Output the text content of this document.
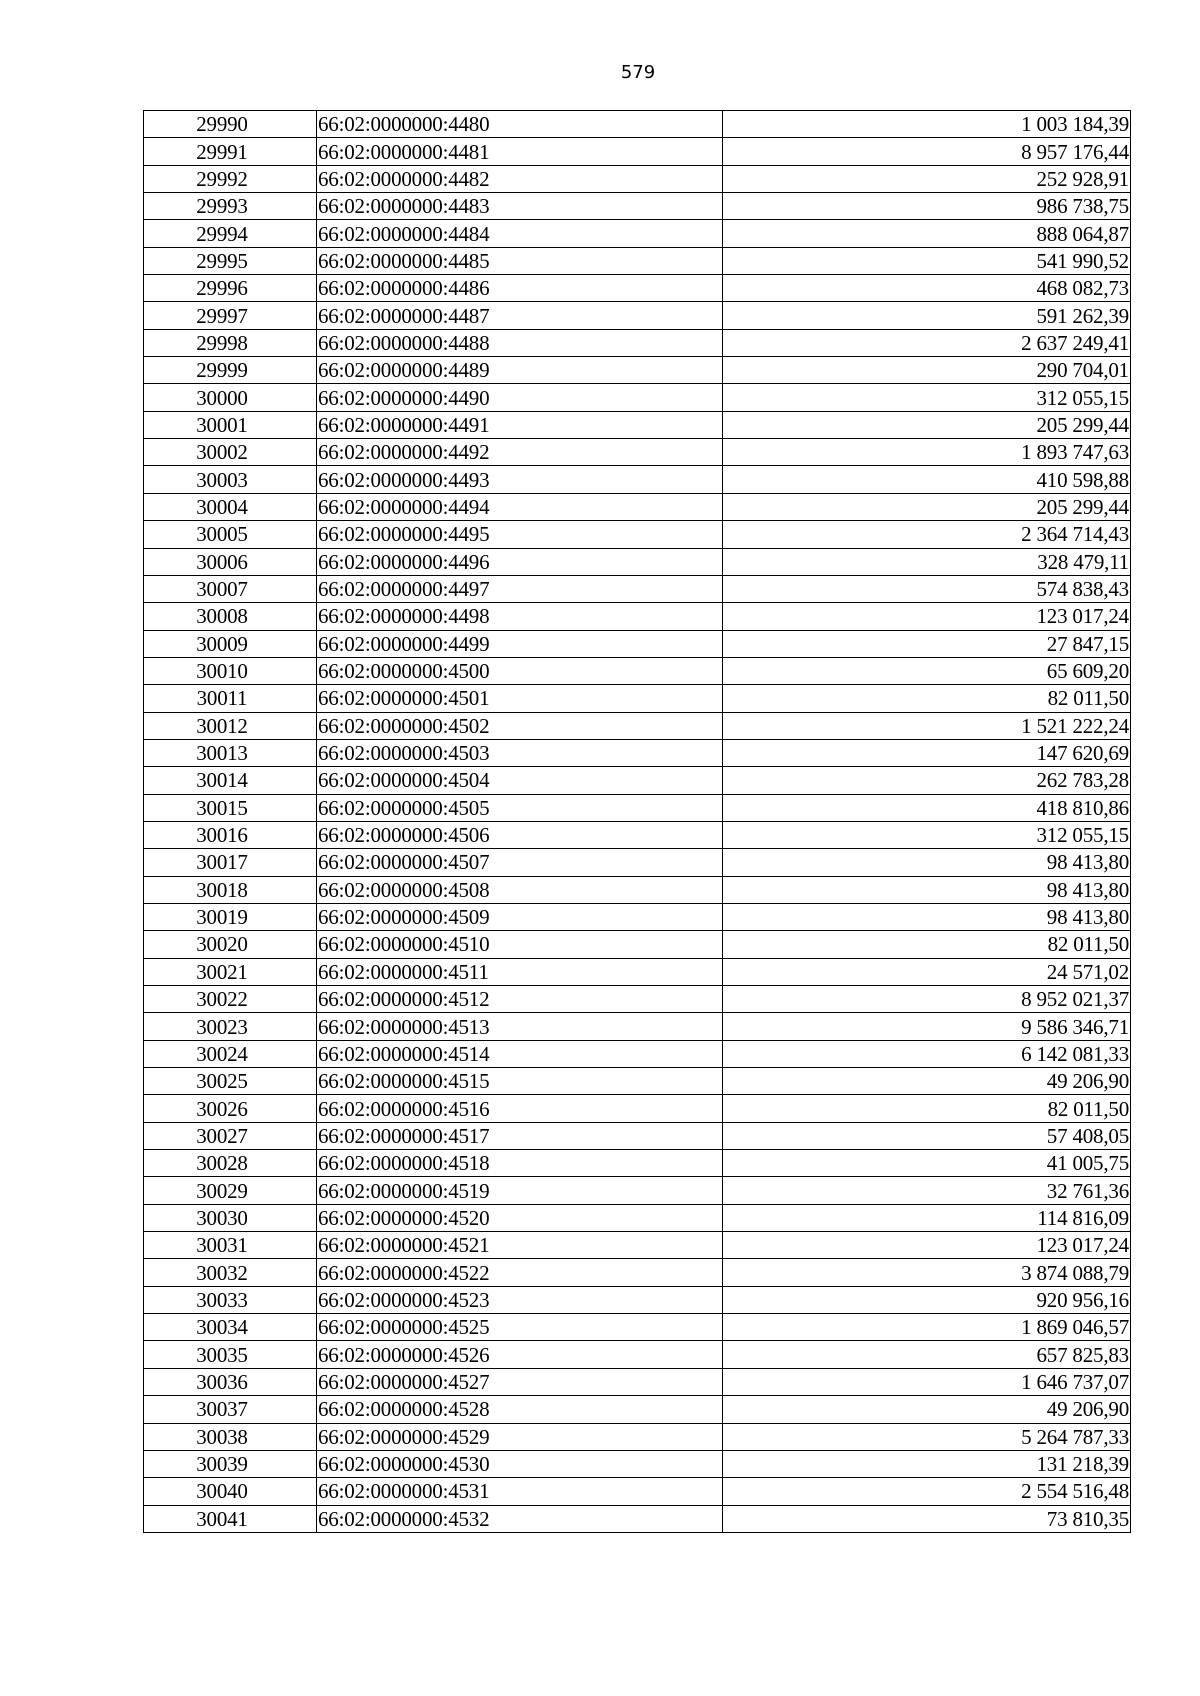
579
29990	66:02:0000000:4480	1 003 184,39
29991	66:02:0000000:4481	8 957 176,44
29992	66:02:0000000:4482	252 928,91
29993	66:02:0000000:4483	986 738,75
29994	66:02:0000000:4484	888 064,87
29995	66:02:0000000:4485	541 990,52
29996	66:02:0000000:4486	468 082,73
29997	66:02:0000000:4487	591 262,39
29998	66:02:0000000:4488	2 637 249,41
29999	66:02:0000000:4489	290 704,01
30000	66:02:0000000:4490	312 055,15
30001	66:02:0000000:4491	205 299,44
30002	66:02:0000000:4492	1 893 747,63
30003	66:02:0000000:4493	410 598,88
30004	66:02:0000000:4494	205 299,44
30005	66:02:0000000:4495	2 364 714,43
30006	66:02:0000000:4496	328 479,11
30007	66:02:0000000:4497	574 838,43
30008	66:02:0000000:4498	123 017,24
30009	66:02:0000000:4499	27 847,15
30010	66:02:0000000:4500	65 609,20
30011	66:02:0000000:4501	82 011,50
30012	66:02:0000000:4502	1 521 222,24
30013	66:02:0000000:4503	147 620,69
30014	66:02:0000000:4504	262 783,28
30015	66:02:0000000:4505	418 810,86
30016	66:02:0000000:4506	312 055,15
30017	66:02:0000000:4507	98 413,80
30018	66:02:0000000:4508	98 413,80
30019	66:02:0000000:4509	98 413,80
30020	66:02:0000000:4510	82 011,50
30021	66:02:0000000:4511	24 571,02
30022	66:02:0000000:4512	8 952 021,37
30023	66:02:0000000:4513	9 586 346,71
30024	66:02:0000000:4514	6 142 081,33
30025	66:02:0000000:4515	49 206,90
30026	66:02:0000000:4516	82 011,50
30027	66:02:0000000:4517	57 408,05
30028	66:02:0000000:4518	41 005,75
30029	66:02:0000000:4519	32 761,36
30030	66:02:0000000:4520	114 816,09
30031	66:02:0000000:4521	123 017,24
30032	66:02:0000000:4522	3 874 088,79
30033	66:02:0000000:4523	920 956,16
30034	66:02:0000000:4525	1 869 046,57
30035	66:02:0000000:4526	657 825,83
30036	66:02:0000000:4527	1 646 737,07
30037	66:02:0000000:4528	49 206,90
30038	66:02:0000000:4529	5 264 787,33
30039	66:02:0000000:4530	131 218,39
30040	66:02:0000000:4531	2 554 516,48
30041	66:02:0000000:4532	73 810,35
